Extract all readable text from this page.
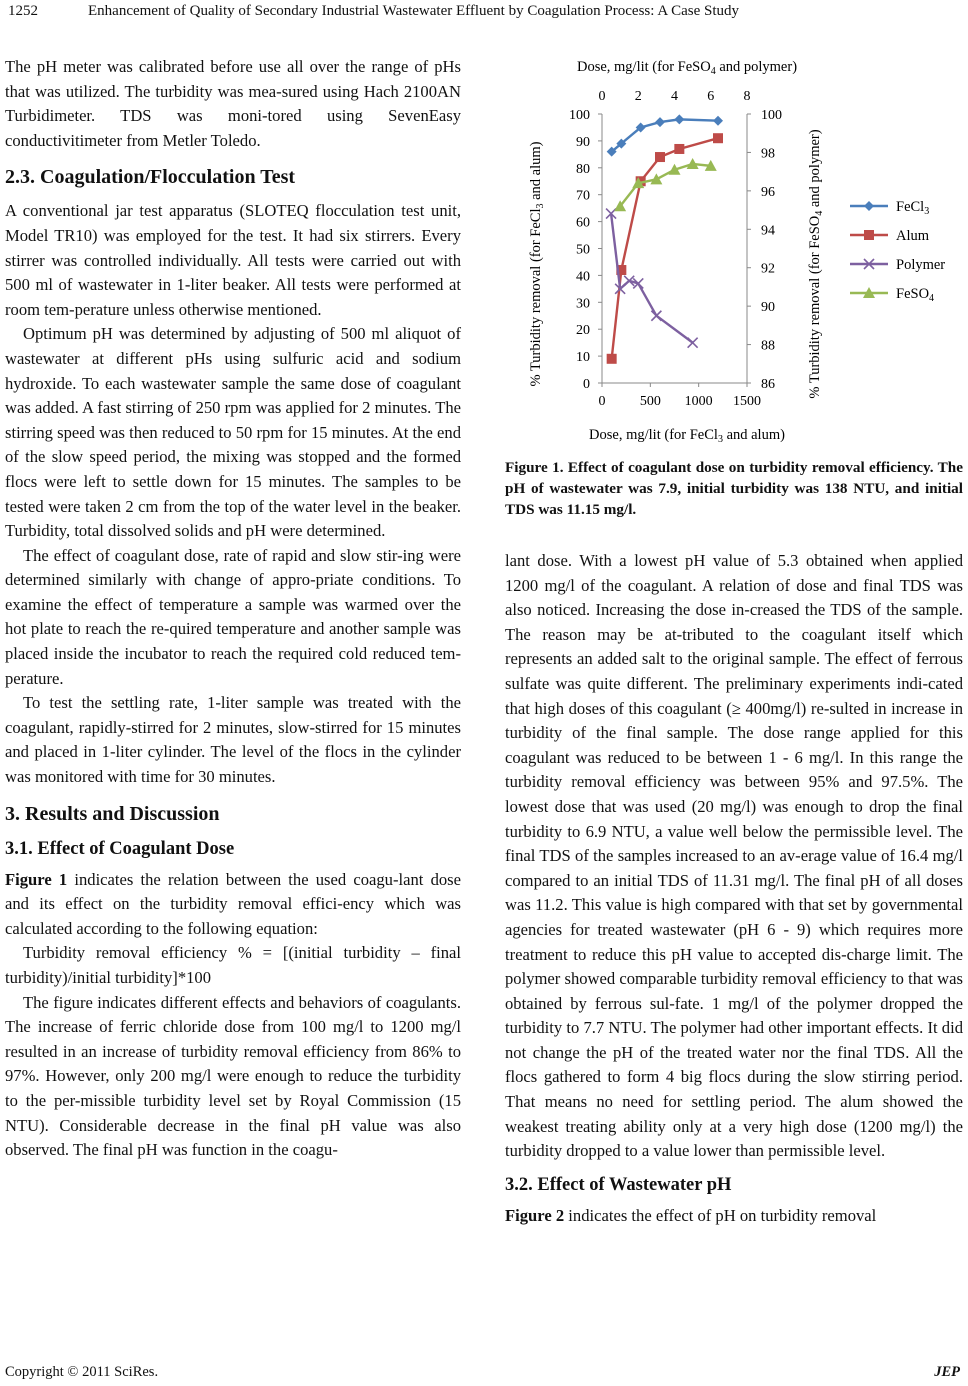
1252	Enhancement of Quality of Secondary Industrial Wastewater Effluent by Coagulation Process: A Case Study

The pH meter was calibrated before use all over the range of pHs that was utilized. The turbidity was mea-sured using Hach 2100AN Turbidimeter. TDS was moni-tored using SevenEasy conductivitimeter from Metler Toledo.

2.3. Coagulation/Flocculation Test

A conventional jar test apparatus (SLOTEQ flocculation test unit, Model TR10) was employed for the test. It had six stirrers. Every stirrer was controlled individually. All tests were carried out with 500 ml of wastewater in 1-liter beaker. All tests were performed at room tem-perature unless otherwise mentioned.

Optimum pH was determined by adjusting of 500 ml aliquot of wastewater at different pHs using sulfuric acid and sodium hydroxide. To each wastewater sample the same dose of coagulant was added. A fast stirring of 250 rpm was applied for 2 minutes. The stirring speed was then reduced to 50 rpm for 15 minutes. At the end of the slow speed period, the mixing was stopped and the formed flocs were left to settle down for 15 minutes. The samples to be tested were taken 2 cm from the top of the water level in the beaker. Turbidity, total dissolved solids and pH were determined.

The effect of coagulant dose, rate of rapid and slow stir-ing were determined similarly with change of appro-priate conditions. To examine the effect of temperature a sample was warmed over the hot plate to reach the re-quired temperature and another sample was placed inside the incubator to reach the required cold reduced tem-perature.

To test the settling rate, 1-liter sample was treated with the coagulant, rapidly-stirred for 2 minutes, slow-stirred for 15 minutes and placed in 1-liter cylinder. The level of the flocs in the cylinder was monitored with time for 30 minutes.

3. Results and Discussion
3.1. Effect of Coagulant Dose

Figure 1 indicates the relation between the used coagu-lant dose and its effect on the turbidity removal effici-ency which was calculated according to the following equation:

Turbidity removal efficiency % = [(initial turbidity – final turbidity)/initial turbidity]*100

The figure indicates different effects and behaviors of coagulants. The increase of ferric chloride dose from 100 mg/l to 1200 mg/l resulted in an increase of turbidity removal efficiency from 86% to 97%. However, only 200 mg/l were enough to reduce the turbidity to the per-missible turbidity level set by Royal Commission (15 NTU). Considerable decrease in the final pH value was also observed. The final pH was function in the coagu-

Dose, mg/lit (for FeSO$_4$ and polymer)
Dose, mg/lit (for FeCl$_3$ and alum)
% Turbidity removal (for FeCl$_3$ and alum)
% Turbidity removal (for FeSO$_4$ and polymer)
0
10
20
30
40
50
60
70
80
90
100
86
88
90
92
94
96
98
100
0 500 1000 1500
0 2 4 6 8
FeCl$_3$
Alum
Polymer
FeSO$_4$
Figure 1. Effect of coagulant dose on turbidity removal efficiency. The pH of wastewater was 7.9, initial turbidity was 138 NTU, and initial TDS was 11.15 mg/l.

lant dose. With a lowest pH value of 5.3 obtained when applied 1200 mg/l of the coagulant. A relation of dose and final TDS was also noticed. Increasing the dose in-creased the TDS of the sample. The reason may be at-tributed to the coagulant itself which represents an added salt to the original sample. The effect of ferrous sulfate was quite different. The preliminary experiments indi-cated that high doses of this coagulant (≥ 400mg/l) re-sulted in increase in turbidity of the final sample. The dose range applied for this coagulant was reduced to be between 1 - 6 mg/l. In this range the turbidity removal efficiency was between 95% and 97.5%. The lowest dose that was used (20 mg/l) was enough to drop the final turbidity to 6.9 NTU, a value well below the permissible level. The final TDS of the samples increased to an av-erage value of 16.4 mg/l compared to an initial TDS of 11.31 mg/l. The final pH of all doses was 11.2. This value is high compared with that set by governmental agencies for treated wastewater (pH 6 - 9) which requires more treatment to reduce this pH value to accepted dis-charge limit. The polymer showed comparable turbidity removal efficiency to that was obtained by ferrous sul-fate. 1 mg/l of the polymer dropped the turbidity to 7.7 NTU. The polymer had other important effects. It did not change the pH of the treated water nor the final TDS. All the flocs gathered to form 4 big flocs during the slow stirring period. That means no need for settling period. The alum showed the weakest treating ability only at a very high dose (1200 mg/l) the turbidity dropped to a value lower than permissible level.

3.2. Effect of Wastewater pH

Figure 2 indicates the effect of pH on turbidity removal

Copyright © 2011 SciRes.	JEP
